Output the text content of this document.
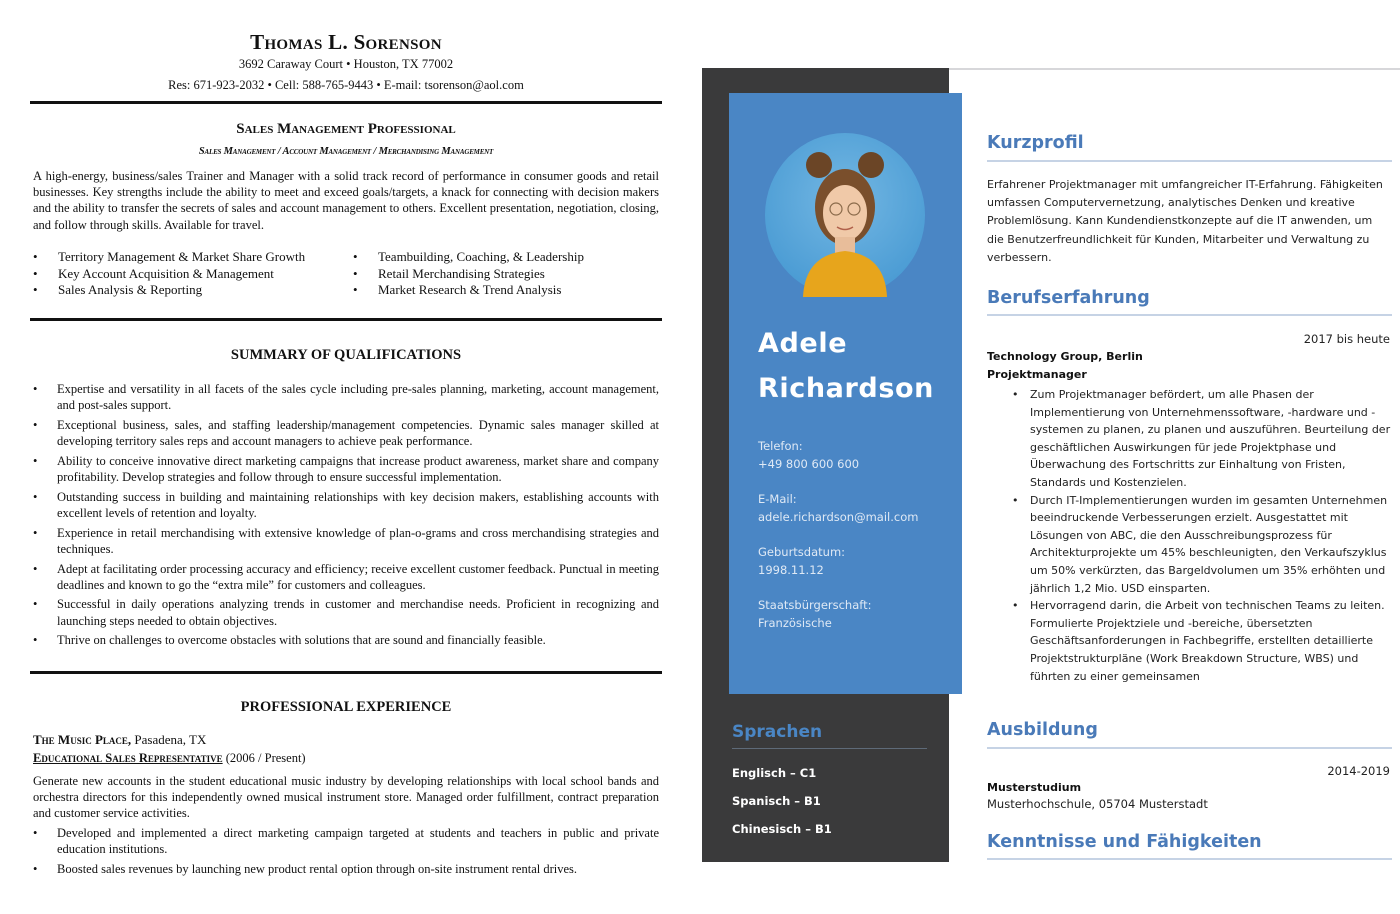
Thomas L. Sorenson
3692 Caraway Court • Houston, TX 77002
Res: 671-923-2032 • Cell: 588-765-9443 • E-mail: tsorenson@aol.com
Sales Management Professional
Sales Management / Account Management / Merchandising Management
A high-energy, business/sales Trainer and Manager with a solid track record of performance in consumer goods and retail businesses. Key strengths include the ability to meet and exceed goals/targets, a knack for connecting with decision makers and the ability to transfer the secrets of sales and account management to others. Excellent presentation, negotiation, closing, and follow through skills. Available for travel.
• Territory Management & Market Share Growth
• Key Account Acquisition & Management
• Sales Analysis & Reporting
• Teambuilding, Coaching, & Leadership
• Retail Merchandising Strategies
• Market Research & Trend Analysis
SUMMARY OF QUALIFICATIONS
• Expertise and versatility in all facets of the sales cycle including pre-sales planning, marketing, account management, and post-sales support.
• Exceptional business, sales, and staffing leadership/management competencies. Dynamic sales manager skilled at developing territory sales reps and account managers to achieve peak performance.
• Ability to conceive innovative direct marketing campaigns that increase product awareness, market share and company profitability. Develop strategies and follow through to ensure successful implementation.
• Outstanding success in building and maintaining relationships with key decision makers, establishing accounts with excellent levels of retention and loyalty.
• Experience in retail merchandising with extensive knowledge of plan-o-grams and cross merchandising strategies and techniques.
• Adept at facilitating order processing accuracy and efficiency; receive excellent customer feedback. Punctual in meeting deadlines and known to go the “extra mile” for customers and colleagues.
• Successful in daily operations analyzing trends in customer and merchandise needs. Proficient in recognizing and launching steps needed to obtain objectives.
• Thrive on challenges to overcome obstacles with solutions that are sound and financially feasible.
PROFESSIONAL EXPERIENCE
The Music Place, Pasadena, TX
Educational Sales Representative (2006 / Present)
Generate new accounts in the student educational music industry by developing relationships with local school bands and orchestra directors for this independently owned musical instrument store. Managed order fulfillment, contract preparation and customer service activities.
• Developed and implemented a direct marketing campaign targeted at students and teachers in public and private education institutions.
• Boosted sales revenues by launching new product rental option through on-site instrument rental drives.
Adele
Richardson
Telefon:
+49 800 600 600
E-Mail:
adele.richardson@mail.com
Geburtsdatum:
1998.11.12
Staatsbürgerschaft:
Französische
Sprachen
Englisch – C1
Spanisch – B1
Chinesisch – B1
Kurzprofil
Erfahrener Projektmanager mit umfangreicher IT-Erfahrung. Fähigkeiten umfassen Computervernetzung, analytisches Denken und kreative Problemlösung. Kann Kundendienstkonzepte auf die IT anwenden, um die Benutzerfreundlichkeit für Kunden, Mitarbeiter und Verwaltung zu verbessern.
Berufserfahrung
2017 bis heute
Technology Group, Berlin
Projektmanager
• Zum Projektmanager befördert, um alle Phasen der Implementierung von Unternehmenssoftware, -hardware und -systemen zu planen, zu planen und auszuführen. Beurteilung der geschäftlichen Auswirkungen für jede Projektphase und Überwachung des Fortschritts zur Einhaltung von Fristen, Standards und Kostenzielen.
• Durch IT-Implementierungen wurden im gesamten Unternehmen beeindruckende Verbesserungen erzielt. Ausgestattet mit Lösungen von ABC, die den Ausschreibungsprozess für Architekturprojekte um 45% beschleunigten, den Verkaufszyklus um 50% verkürzten, das Bargeldvolumen um 35% erhöhten und jährlich 1,2 Mio. USD einsparten.
• Hervorragend darin, die Arbeit von technischen Teams zu leiten. Formulierte Projektziele und -bereiche, übersetzten Geschäftsanforderungen in Fachbegriffe, erstellten detaillierte Projektstrukturpläne (Work Breakdown Structure, WBS) und führten zu einer gemeinsamen
Ausbildung
2014-2019
Musterstudium
Musterhochschule, 05704 Musterstadt
Kenntnisse und Fähigkeiten
